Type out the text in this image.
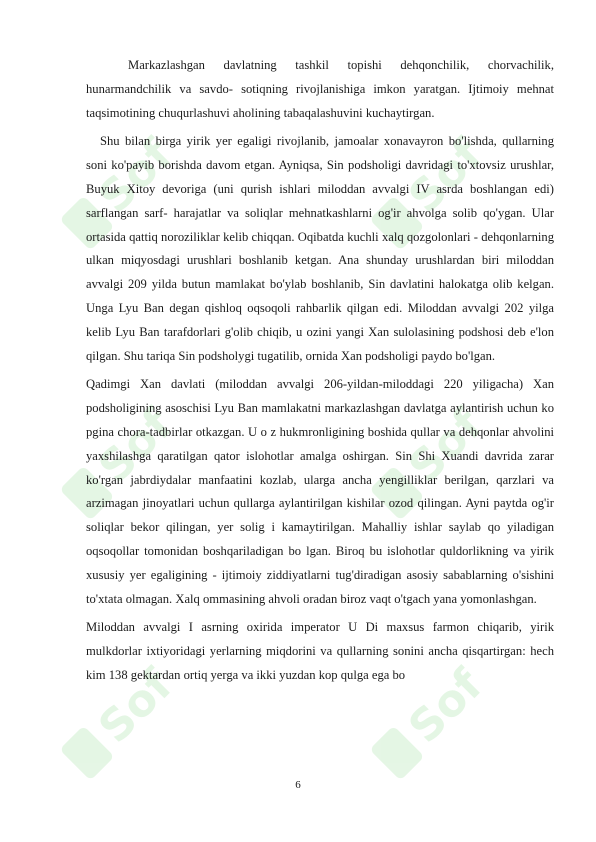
Sof	Sof
Sof	Sof
Sof	Sof

Markazlashgan davlatning tashkil topishi dehqonchilik, chorvachilik, hunarmandchilik va savdo- sotiqning rivojlanishiga imkon yaratgan. Ijtimoiy mehnat taqsimotining chuqurlashuvi aholining tabaqalashuvini kuchaytirgan.

Shu bilan birga yirik yer egaligi rivojlanib, jamoalar xonavayron bo'lishda, qullarning soni ko'payib borishda davom etgan. Ayniqsa, Sin podsholigi davridagi to'xtovsiz urushlar, Buyuk Xitoy devoriga (uni qurish ishlari miloddan avvalgi IV asrda boshlangan edi) sarflangan sarf- harajatlar va soliqlar mehnatkashlarni og'ir ahvolga solib qo'ygan. Ular ortasida qattiq noroziliklar kelib chiqqan. Oqibatda kuchli xalq qozgolonlari - dehqonlarning ulkan miqyosdagi urushlari boshlanib ketgan. Ana shunday urushlardan biri miloddan avvalgi 209 yilda butun mamlakat bo'ylab boshlanib, Sin davlatini halokatga olib kelgan. Unga Lyu Ban degan qishloq oqsoqoli rahbarlik qilgan edi. Miloddan avvalgi 202 yilga kelib Lyu Ban tarafdorlari g'olib chiqib, u ozini yangi Xan sulolasining podshosi deb e'lon qilgan. Shu tariqa Sin podsholygi tugatilib, ornida Xan podsholigi paydo bo'lgan.

Qadimgi Xan davlati (miloddan avvalgi 206-yildan-miloddagi 220 yiligacha) Xan podsholigining asoschisi Lyu Ban mamlakatni markazlashgan davlatga aylantirish uchun ko pgina chora-tadbirlar otkazgan. U o z hukmronligining boshida qullar va dehqonlar ahvolini yaxshilashga qaratilgan qator islohotlar amalga oshirgan. Sin Shi Xuandi davrida zarar ko'rgan jabrdiydalar manfaatini kozlab, ularga ancha yengilliklar berilgan, qarzlari va arzimagan jinoyatlari uchun qullarga aylantirilgan kishilar ozod qilingan. Ayni paytda og'ir soliqlar bekor qilingan, yer solig i kamaytirilgan. Mahalliy ishlar saylab qo yiladigan oqsoqollar tomonidan boshqariladigan bo lgan. Biroq bu islohotlar quldorlikning va yirik xususiy yer egaligining - ijtimoiy ziddiyatlarni tug'diradigan asosiy sabablarning o'sishini to'xtata olmagan. Xalq ommasining ahvoli oradan biroz vaqt o'tgach yana yomonlashgan.

Miloddan avvalgi I asrning oxirida imperator U Di maxsus farmon chiqarib, yirik mulkdorlar ixtiyoridagi yerlarning miqdorini va qullarning sonini ancha qisqartirgan: hech kim 138 gektardan ortiq yerga va ikki yuzdan kop qulga ega bo

6
